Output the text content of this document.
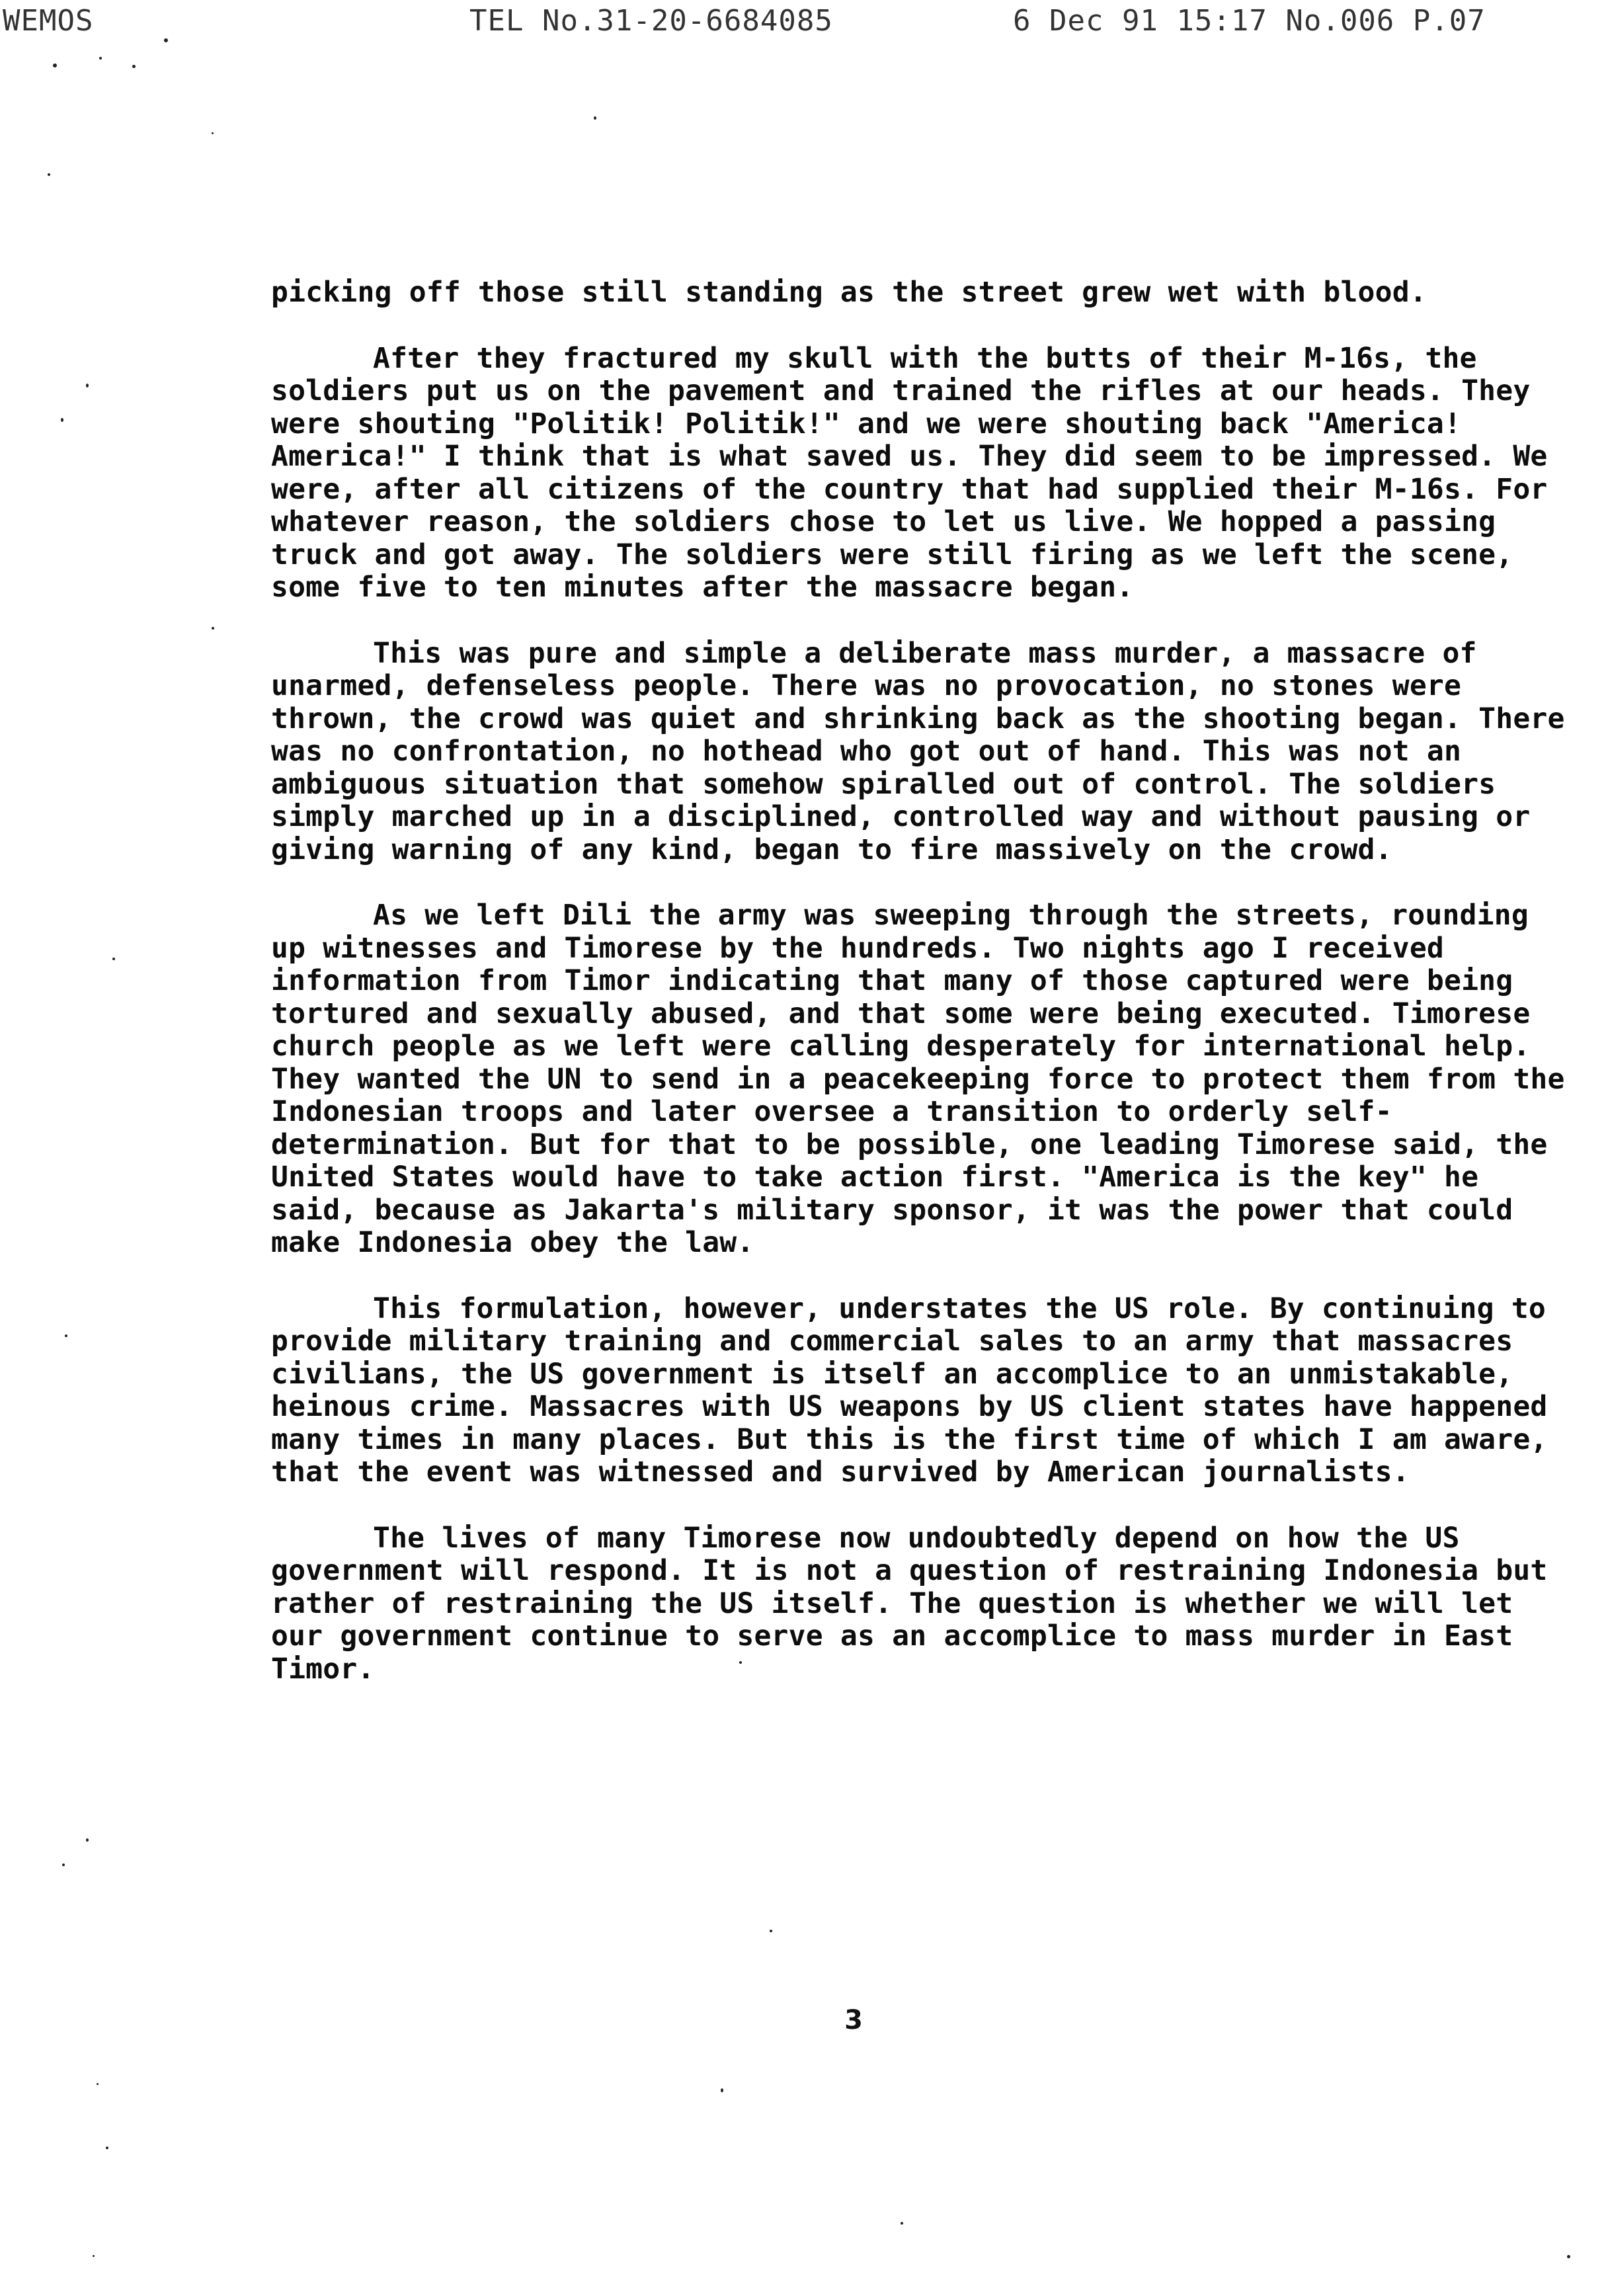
WEMOS	TEL No.31-20-6684085	6 Dec 91 15:17 No.006 P.07

picking off those still standing as the street grew wet with blood.

After they fractured my skull with the butts of their M-16s, the soldiers put us on the pavement and trained the rifles at our heads. They were shouting "Politik! Politik!" and we were shouting back "America! America!" I think that is what saved us. They did seem to be impressed. We were, after all citizens of the country that had supplied their M-16s. For whatever reason, the soldiers chose to let us live. We hopped a passing truck and got away. The soldiers were still firing as we left the scene, some five to ten minutes after the massacre began.

This was pure and simple a deliberate mass murder, a massacre of unarmed, defenseless people. There was no provocation, no stones were thrown, the crowd was quiet and shrinking back as the shooting began. There was no confrontation, no hothead who got out of hand. This was not an ambiguous situation that somehow spiralled out of control. The soldiers simply marched up in a disciplined, controlled way and without pausing or giving warning of any kind, began to fire massively on the crowd.

As we left Dili the army was sweeping through the streets, rounding up witnesses and Timorese by the hundreds. Two nights ago I received information from Timor indicating that many of those captured were being tortured and sexually abused, and that some were being executed. Timorese church people as we left were calling desperately for international help. They wanted the UN to send in a peacekeeping force to protect them from the Indonesian troops and later oversee a transition to orderly self-determination. But for that to be possible, one leading Timorese said, the United States would have to take action first. "America is the key" he said, because as Jakarta's military sponsor, it was the power that could make Indonesia obey the law.

This formulation, however, understates the US role. By continuing to provide military training and commercial sales to an army that massacres civilians, the US government is itself an accomplice to an unmistakable, heinous crime. Massacres with US weapons by US client states have happened many times in many places. But this is the first time of which I am aware, that the event was witnessed and survived by American journalists.

The lives of many Timorese now undoubtedly depend on how the US government will respond. It is not a question of restraining Indonesia but rather of restraining the US itself. The question is whether we will let our government continue to serve as an accomplice to mass murder in East Timor.

3
